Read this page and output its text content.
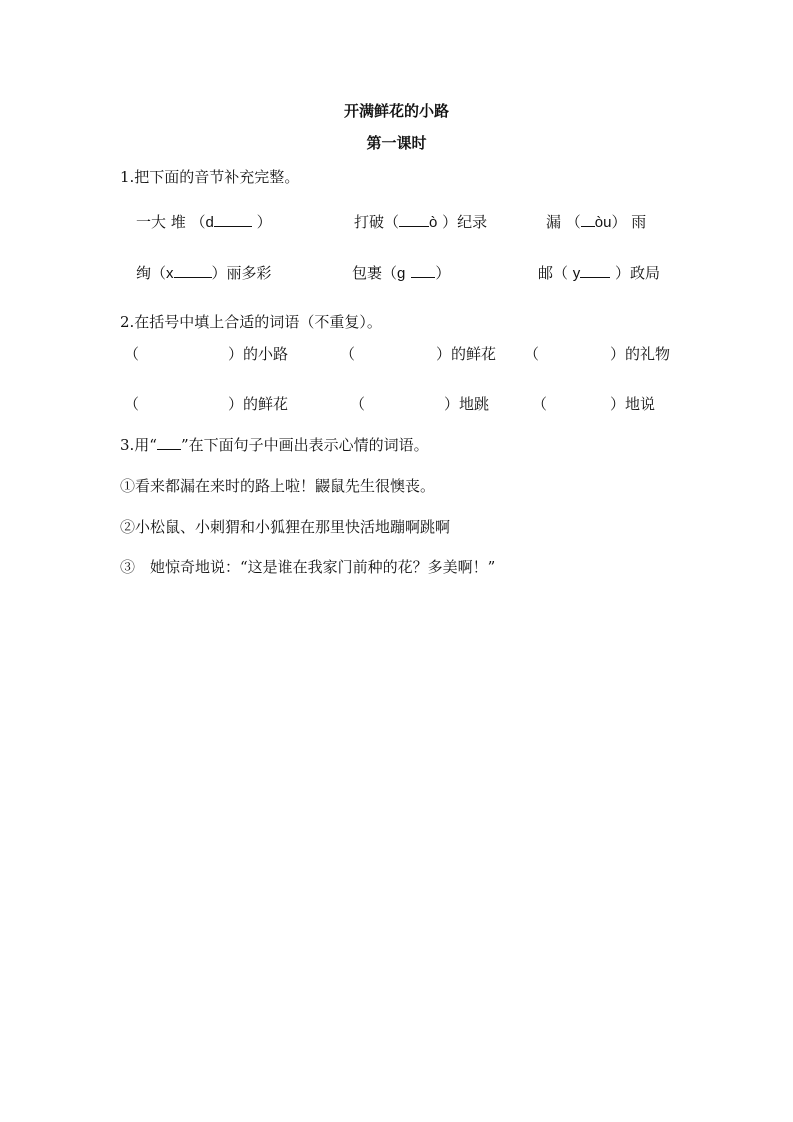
开满鲜花的小路
第一课时
1.把下面的音节补充完整。
一大 堆 （d	）	打破（ ò ）纪录	漏 （ òu） 雨
绚（x	）丽多彩	包裹（g ）	邮（ y ）政局
2.在括号中填上合适的词语（不重复）。
（	）的小路	（	）的鲜花 （	）的礼物
（	）的鲜花	（	）地跳	（	）地说
3.用“ ”在下面句子中画出表示心情的词语。
①看来都漏在来时的路上啦！鼹鼠先生很懊丧。
②小松鼠、小刺猬和小狐狸在那里快活地蹦啊跳啊
③　她惊奇地说：“这是谁在我家门前种的花？多美啊！”
